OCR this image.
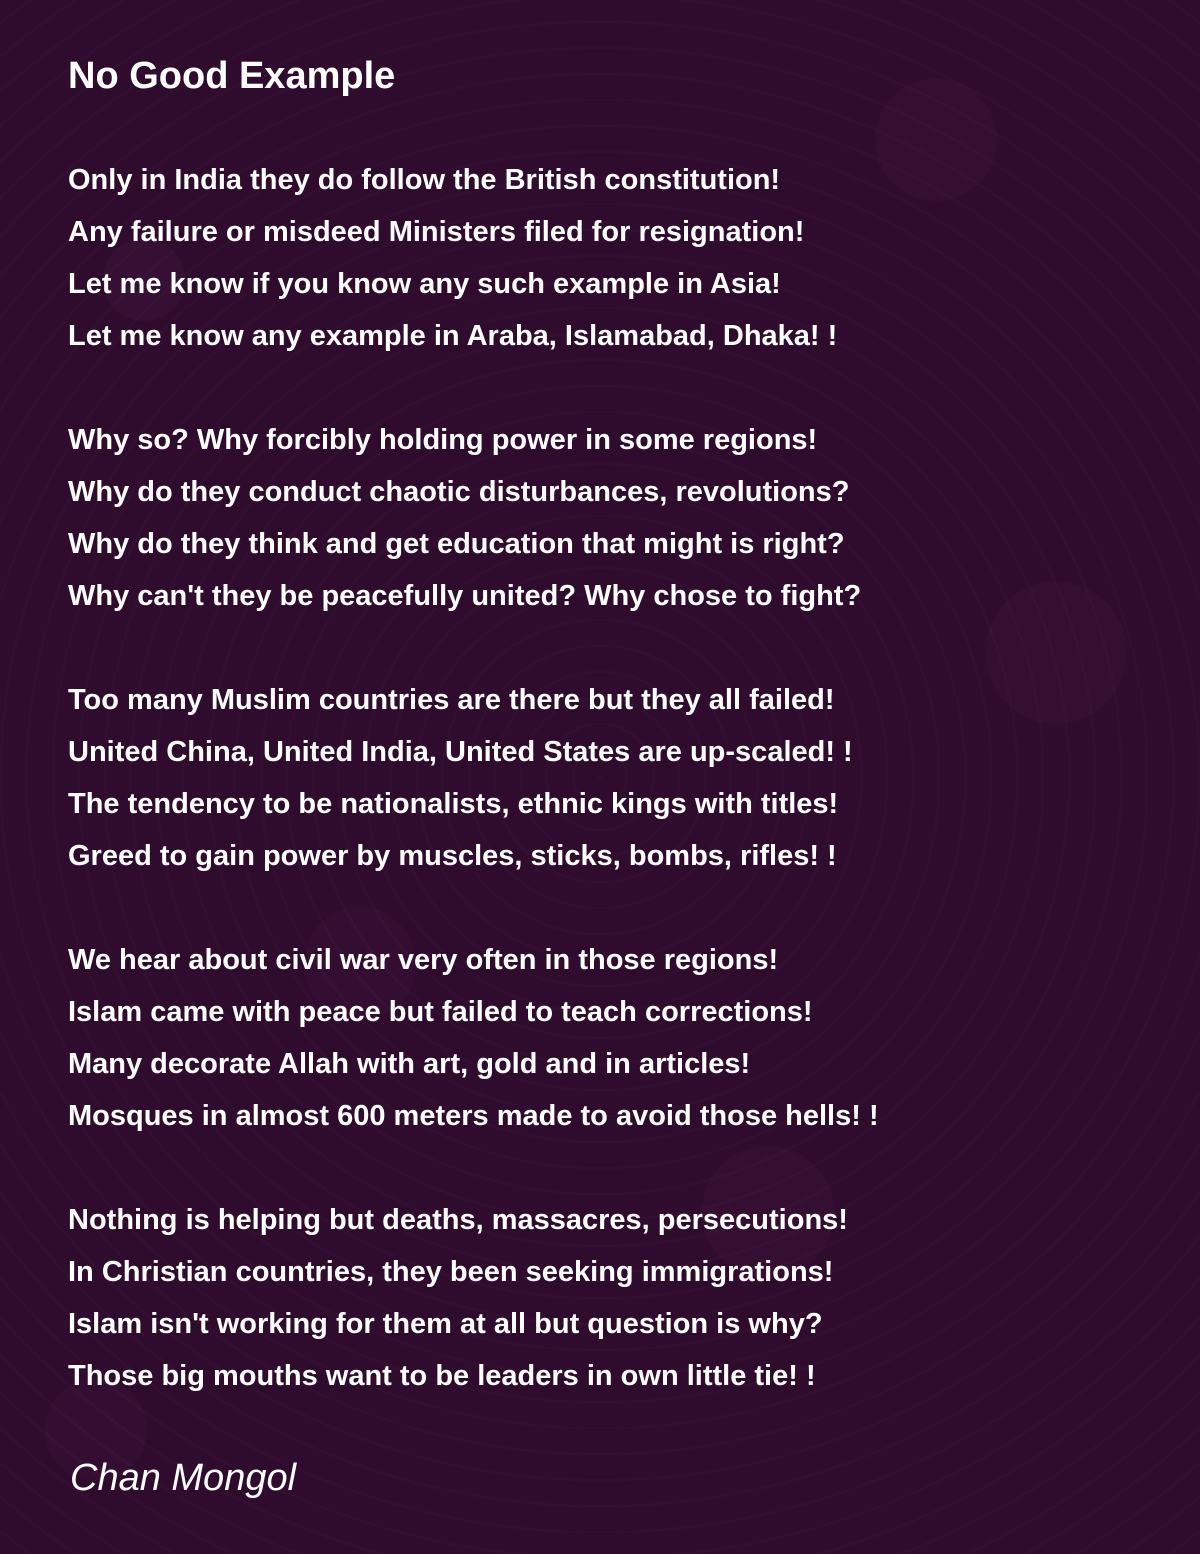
No Good Example
Only in India they do follow the British constitution!
Any failure or misdeed Ministers filed for resignation!
Let me know if you know any such example in Asia!
Let me know any example in Araba, Islamabad, Dhaka! !
Why so? Why forcibly holding power in some regions!
Why do they conduct chaotic disturbances, revolutions?
Why do they think and get education that might is right?
Why can't they be peacefully united? Why chose to fight?
Too many Muslim countries are there but they all failed!
United China, United India, United States are up-scaled! !
The tendency to be nationalists, ethnic kings with titles!
Greed to gain power by muscles, sticks, bombs, rifles! !
We hear about civil war very often in those regions!
Islam came with peace but failed to teach corrections!
Many decorate Allah with art, gold and in articles!
Mosques in almost 600 meters made to avoid those hells! !
Nothing is helping but deaths, massacres, persecutions!
In Christian countries, they been seeking immigrations!
Islam isn't working for them at all but question is why?
Those big mouths want to be leaders in own little tie! !

Chan Mongol
